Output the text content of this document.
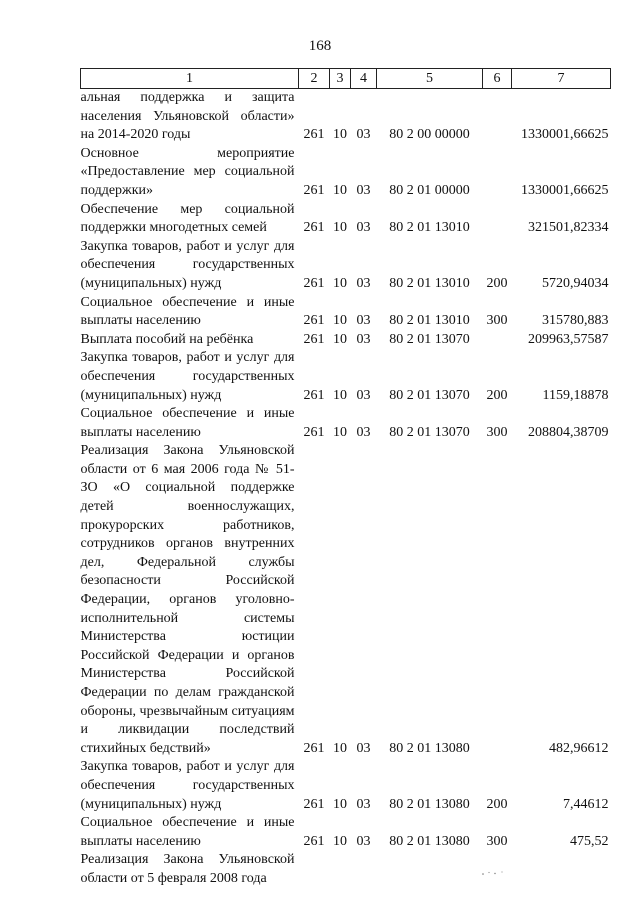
168
1	2	3	4	5	6	7
альная поддержка и защита населения Ульяновской области» на 2014-2020 годы	261	10	03	80 2 00 00000		1330001,66625
Основное мероприятие «Предоставление мер социальной поддержки»	261	10	03	80 2 01 00000		1330001,66625
Обеспечение мер социальной поддержки многодетных семей	261	10	03	80 2 01 13010		321501,82334
Закупка товаров, работ и услуг для обеспечения государственных (муниципальных) нужд	261	10	03	80 2 01 13010	200	5720,94034
Социальное обеспечение и иные выплаты населению	261	10	03	80 2 01 13010	300	315780,883
Выплата пособий на ребёнка	261	10	03	80 2 01 13070		209963,57587
Закупка товаров, работ и услуг для обеспечения государственных (муниципальных) нужд	261	10	03	80 2 01 13070	200	1159,18878
Социальное обеспечение и иные выплаты населению	261	10	03	80 2 01 13070	300	208804,38709
Реализация Закона Ульяновской области от 6 мая 2006 года № 51-ЗО «О социальной поддержке детей военнослужащих, прокурорских работников, сотрудников органов внутренних дел, Федеральной службы безопасности Российской Федерации, органов уголовно-исполнительной системы Министерства юстиции Российской Федерации и органов Министерства Российской Федерации по делам гражданской обороны, чрезвычайным ситуациям и ликвидации последствий стихийных бедствий»	261	10	03	80 2 01 13080		482,96612
Закупка товаров, работ и услуг для обеспечения государственных (муниципальных) нужд	261	10	03	80 2 01 13080	200	7,44612
Социальное обеспечение и иные выплаты населению	261	10	03	80 2 01 13080	300	475,52
Реализация Закона Ульяновской области от 5 февраля 2008 года						
